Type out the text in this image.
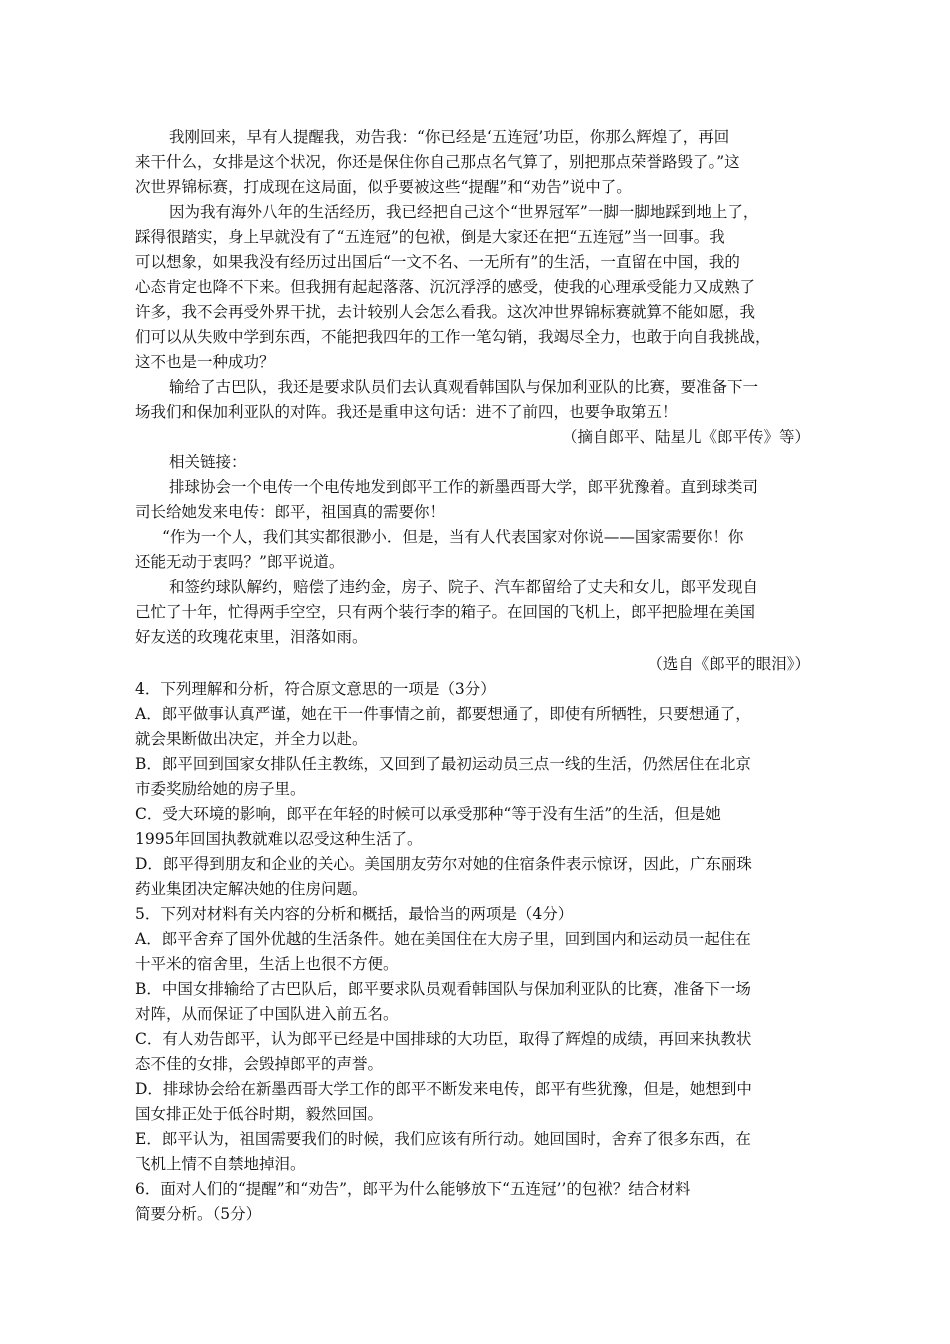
我刚回来，早有人提醒我，劝告我：“你已经是‘五连冠’功臣，你那么辉煌了，再回
来干什么，女排是这个状况，你还是保住你自己那点名气算了，别把那点荣誉路毁了。”这
次世界锦标赛，打成现在这局面，似乎要被这些“提醒”和“劝告”说中了。
因为我有海外八年的生活经历，我已经把自己这个“世界冠军”一脚一脚地踩到地上了，
踩得很踏实，身上早就没有了“五连冠”的包袱，倒是大家还在把“五连冠”当一回事。我
可以想象，如果我没有经历过出国后“一文不名、一无所有”的生活，一直留在中国，我的
心态肯定也降不下来。但我拥有起起落落、沉沉浮浮的感受，使我的心理承受能力又成熟了
许多，我不会再受外界干扰，去计较别人会怎么看我。这次冲世界锦标赛就算不能如愿，我
们可以从失败中学到东西，不能把我四年的工作一笔勾销，我竭尽全力，也敢于向自我挑战，
这不也是一种成功？
输给了古巴队，我还是要求队员们去认真观看韩国队与保加利亚队的比赛，要准备下一
场我们和保加利亚队的对阵。我还是重申这句话：进不了前四，也要争取第五！
（摘自郎平、陆星儿《郎平传》等）
相关链接：
排球协会一个电传一个电传地发到郎平工作的新墨西哥大学，郎平犹豫着。直到球类司
司长给她发来电传：郎平，祖国真的需要你！
“作为一个人，我们其实都很渺小．但是，当有人代表国家对你说——国家需要你！你
还能无动于衷吗？”郎平说道。
和签约球队解约，赔偿了违约金，房子、院子、汽车都留给了丈夫和女儿，郎平发现自
己忙了十年，忙得两手空空，只有两个装行李的箱子。在回国的飞机上，郎平把脸埋在美国
好友送的玫瑰花束里，泪落如雨。
（选自《郎平的眼泪》）
4．下列理解和分析，符合原文意思的一项是（3分）
A．郎平做事认真严谨，她在干一件事情之前，都要想通了，即使有所牺牲，只要想通了，
就会果断做出决定，并全力以赴。
B．郎平回到国家女排队任主教练，又回到了最初运动员三点一线的生活，仍然居住在北京
市委奖励给她的房子里。
C．受大环境的影响，郎平在年轻的时候可以承受那种“等于没有生活”的生活，但是她
1995年回国执教就难以忍受这种生活了。
D．郎平得到朋友和企业的关心。美国朋友劳尔对她的住宿条件表示惊讶，因此，广东丽珠
药业集团决定解决她的住房问题。
5．下列对材料有关内容的分析和概括，最恰当的两项是（4分）
A．郎平舍弃了国外优越的生活条件。她在美国住在大房子里，回到国内和运动员一起住在
十平米的宿舍里，生活上也很不方便。
B．中国女排输给了古巴队后，郎平要求队员观看韩国队与保加利亚队的比赛，准备下一场
对阵，从而保证了中国队进入前五名。
C．有人劝告郎平，认为郎平已经是中国排球的大功臣，取得了辉煌的成绩，再回来执教状
态不佳的女排，会毁掉郎平的声誉。
D．排球协会给在新墨西哥大学工作的郎平不断发来电传，郎平有些犹豫，但是，她想到中
国女排正处于低谷时期，毅然回国。
E．郎平认为，祖国需要我们的时候，我们应该有所行动。她回国时，舍弃了很多东西，在
飞机上情不自禁地掉泪。
6．面对人们的“提醒”和“劝告”，郎平为什么能够放下“五连冠’’的包袱？结合材料
简要分析。（5分）
